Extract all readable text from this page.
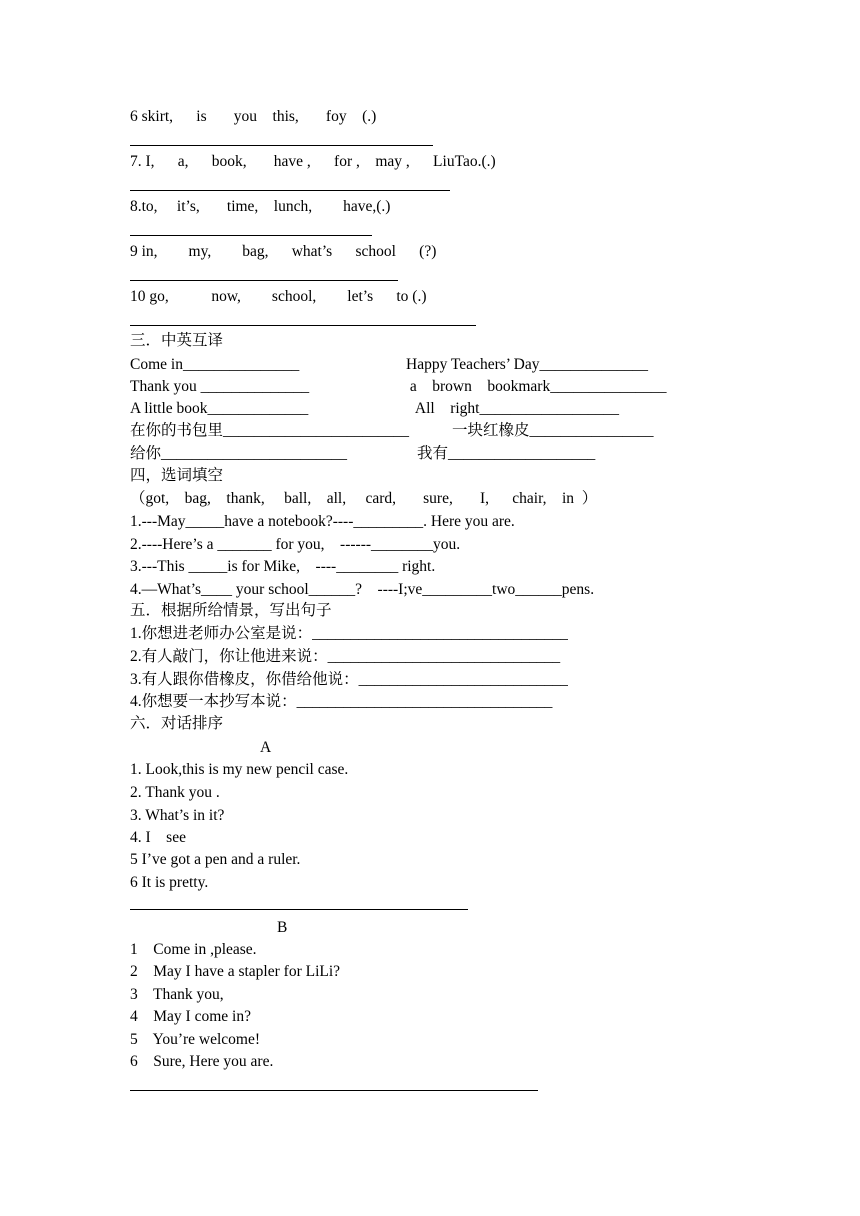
6 skirt,      is       you    this,       foy    (.)
7. I,      a,      book,       have ,      for ,    may ,      LiuTao.(.)
8.to,     it’s,       time,    lunch,        have,(.)
9 in,        my,        bag,      what’s      school      (?)
10 go,           now,        school,        let’s      to (.)
三．中英互译
Come in_______________	Happy Teachers’ Day______________
Thank you ______________	a    brown    bookmark_______________
A little book_____________	All    right__________________
在你的书包里________________________	一块红橡皮________________
给你________________________	我有___________________
四，选词填空
（got,    bag,    thank,     ball,    all,     card,       sure,       I,      chair,    in  ）
1.---May_____have a notebook?----_________. Here you are.
2.----Here’s a _______ for you,    ------________you.
3.---This _____is for Mike,    ----________ right.
4.—What’s____ your school______?    ----I;ve_________two______pens.
五．根据所给情景，写出句子
1.你想进老师办公室是说：_________________________________
2.有人敲门，你让他进来说：______________________________
3.有人跟你借橡皮，你借给他说：___________________________
4.你想要一本抄写本说：_________________________________
六．对话排序
A
1. Look,this is my new pencil case.
2. Thank you .
3. What’s in it?
4. I    see
5 I’ve got a pen and a ruler.
6 It is pretty.
B
1    Come in ,please.
2    May I have a stapler for LiLi?
3    Thank you,
4    May I come in?
5    You’re welcome!
6    Sure, Here you are.
